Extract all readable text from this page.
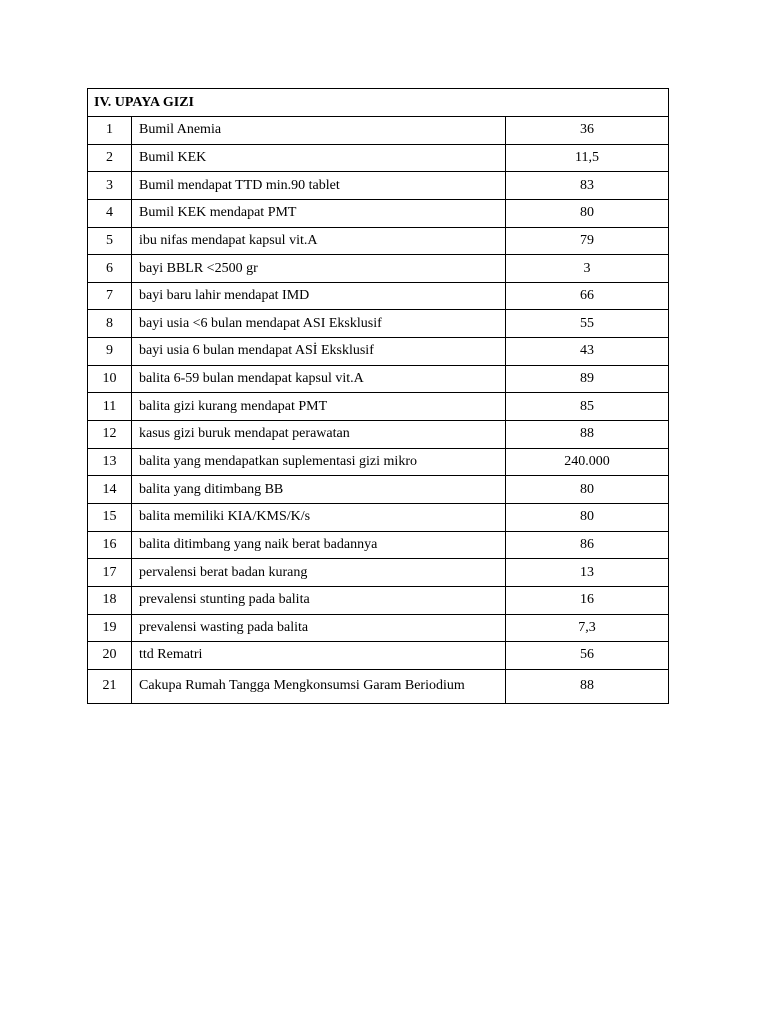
IV. UPAYA GIZI		
1	Bumil Anemia	36
2	Bumil KEK	11,5
3	Bumil mendapat TTD min.90 tablet	83
4	Bumil KEK mendapat PMT	80
5	ibu nifas mendapat kapsul vit.A	79
6	bayi BBLR <2500 gr	3
7	bayi baru lahir mendapat IMD	66
8	bayi usia <6 bulan mendapat ASI Eksklusif	55
9	bayi usia 6 bulan mendapat ASİ Eksklusif	43
10	balita 6-59 bulan mendapat kapsul vit.A	89
11	balita gizi kurang mendapat PMT	85
12	kasus gizi buruk mendapat perawatan	88
13	balita yang mendapatkan suplementasi gizi mikro	240.000
14	balita yang ditimbang BB	80
15	balita memiliki KIA/KMS/K/s	80
16	balita ditimbang yang naik berat badannya	86
17	pervalensi berat badan kurang	13
18	prevalensi stunting pada balita	16
19	prevalensi wasting pada balita	7,3
20	ttd Rematri	56
21	Cakupa Rumah Tangga Mengkonsumsi Garam Beriodium	88
